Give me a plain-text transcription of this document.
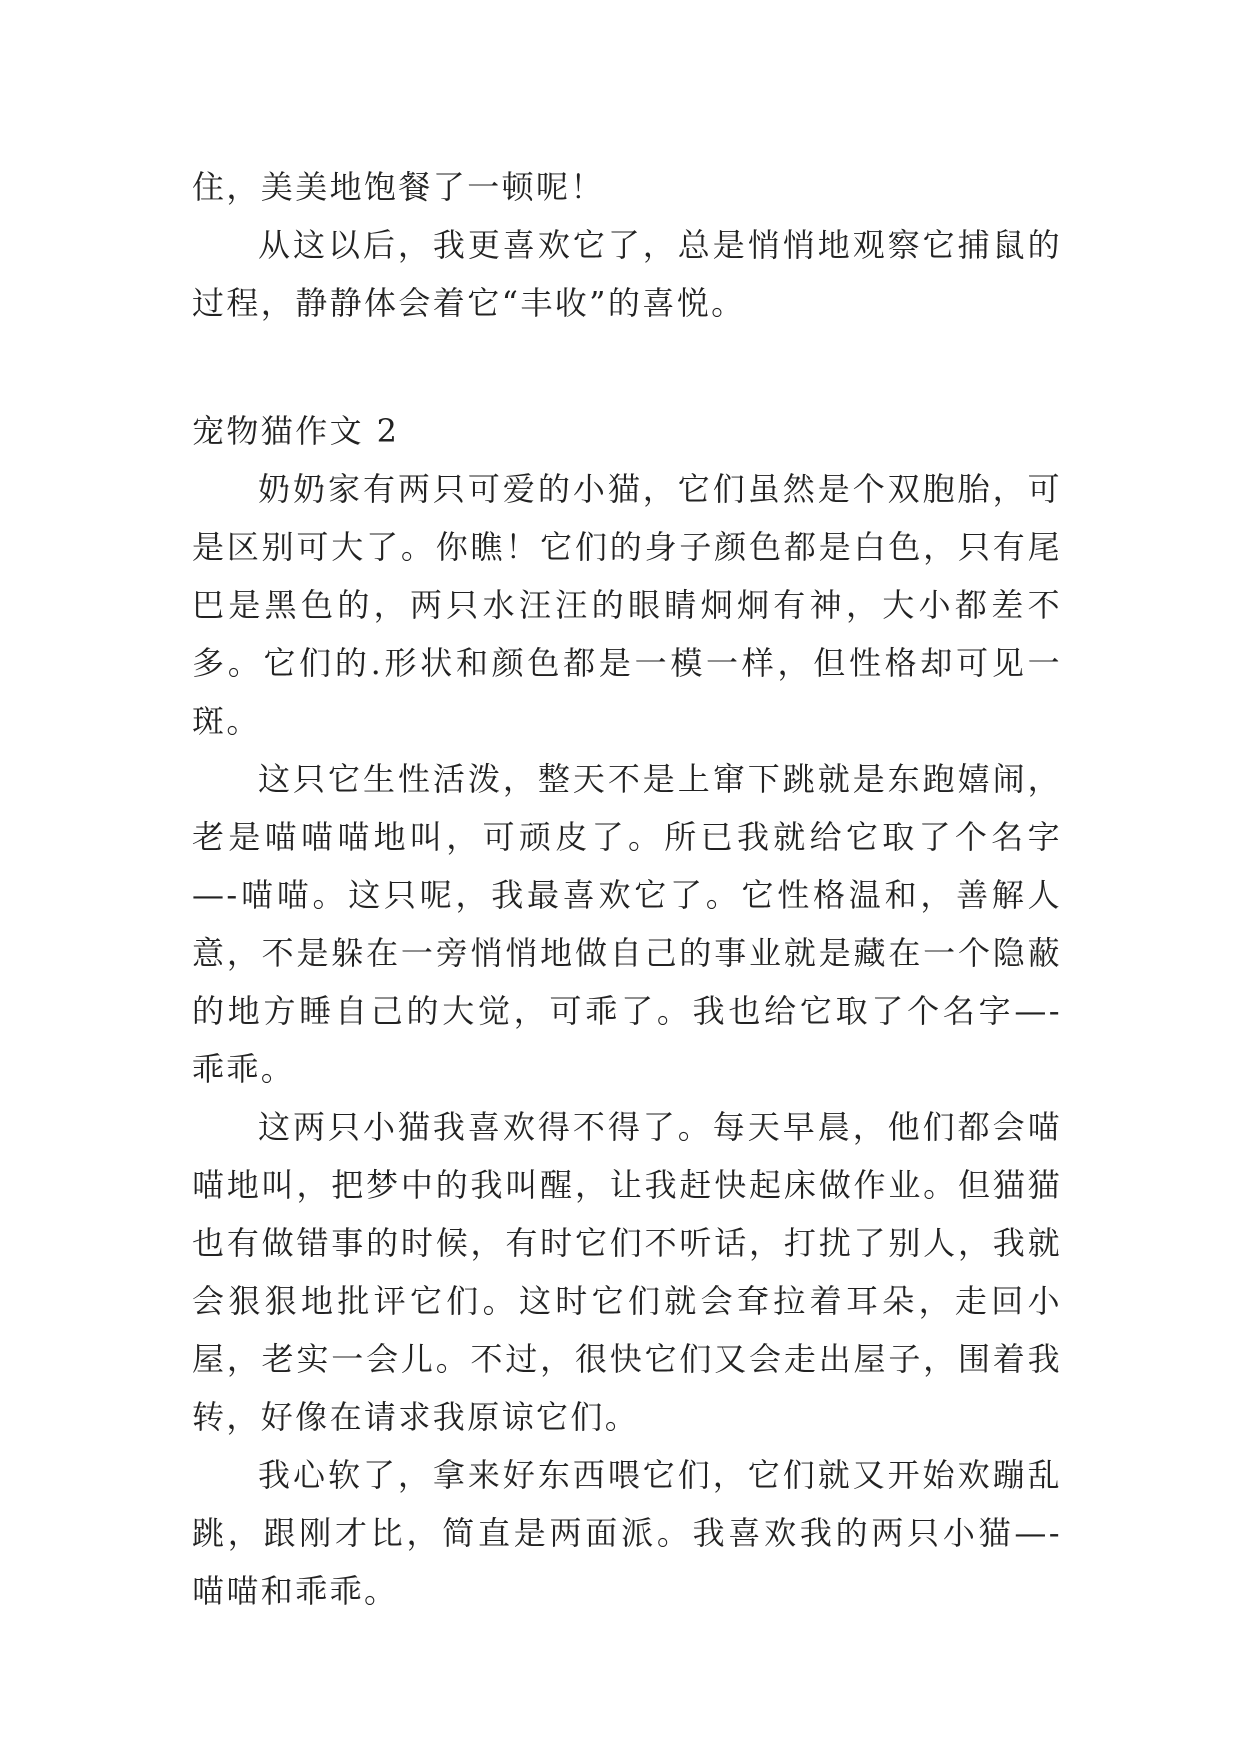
住，美美地饱餐了一顿呢！

从这以后，我更喜欢它了，总是悄悄地观察它捕鼠的过程，静静体会着它“丰收”的喜悦。

宠物猫作文 2

奶奶家有两只可爱的小猫，它们虽然是个双胞胎，可是区别可大了。你瞧！它们的身子颜色都是白色，只有尾巴是黑色的，两只水汪汪的眼睛炯炯有神，大小都差不多。它们的.形状和颜色都是一模一样，但性格却可见一斑。

这只它生性活泼，整天不是上窜下跳就是东跑嬉闹，老是喵喵喵地叫，可顽皮了。所已我就给它取了个名字—-喵喵。这只呢，我最喜欢它了。它性格温和，善解人意，不是躲在一旁悄悄地做自己的事业就是藏在一个隐蔽的地方睡自己的大觉，可乖了。我也给它取了个名字—-乖乖。

这两只小猫我喜欢得不得了。每天早晨，他们都会喵喵地叫，把梦中的我叫醒，让我赶快起床做作业。但猫猫也有做错事的时候，有时它们不听话，打扰了别人，我就会狠狠地批评它们。这时它们就会耷拉着耳朵，走回小屋，老实一会儿。不过，很快它们又会走出屋子，围着我转，好像在请求我原谅它们。

我心软了，拿来好东西喂它们，它们就又开始欢蹦乱跳，跟刚才比，简直是两面派。我喜欢我的两只小猫—-喵喵和乖乖。
